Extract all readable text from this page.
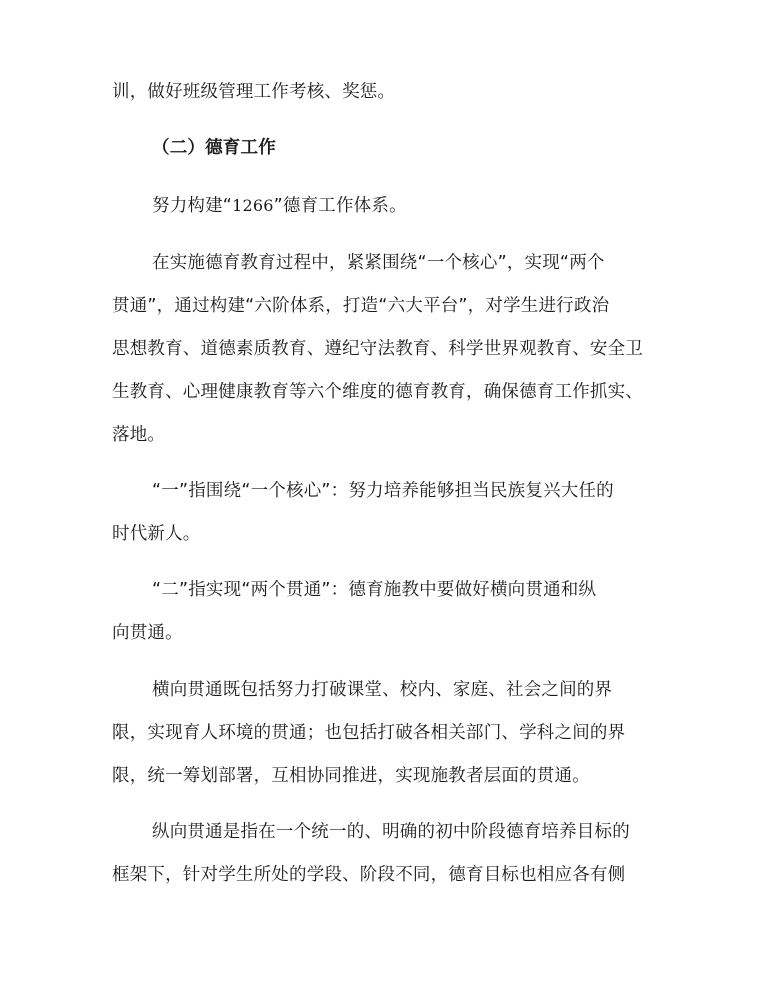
训，做好班级管理工作考核、奖惩。
（二）德育工作
努力构建“1266”德育工作体系。
在实施德育教育过程中，紧紧围绕“一个核心”，实现“两个
贯通”，通过构建“六阶体系，打造“六大平台”，对学生进行政治
思想教育、道德素质教育、遵纪守法教育、科学世界观教育、安全卫
生教育、心理健康教育等六个维度的德育教育，确保德育工作抓实、
落地。
“一”指围绕“一个核心”：努力培养能够担当民族复兴大任的
时代新人。
“二”指实现“两个贯通”：德育施教中要做好横向贯通和纵
向贯通。
横向贯通既包括努力打破课堂、校内、家庭、社会之间的界
限，实现育人环境的贯通；也包括打破各相关部门、学科之间的界
限，统一筹划部署，互相协同推进，实现施教者层面的贯通。
纵向贯通是指在一个统一的、明确的初中阶段德育培养目标的
框架下，针对学生所处的学段、阶段不同，德育目标也相应各有侧
